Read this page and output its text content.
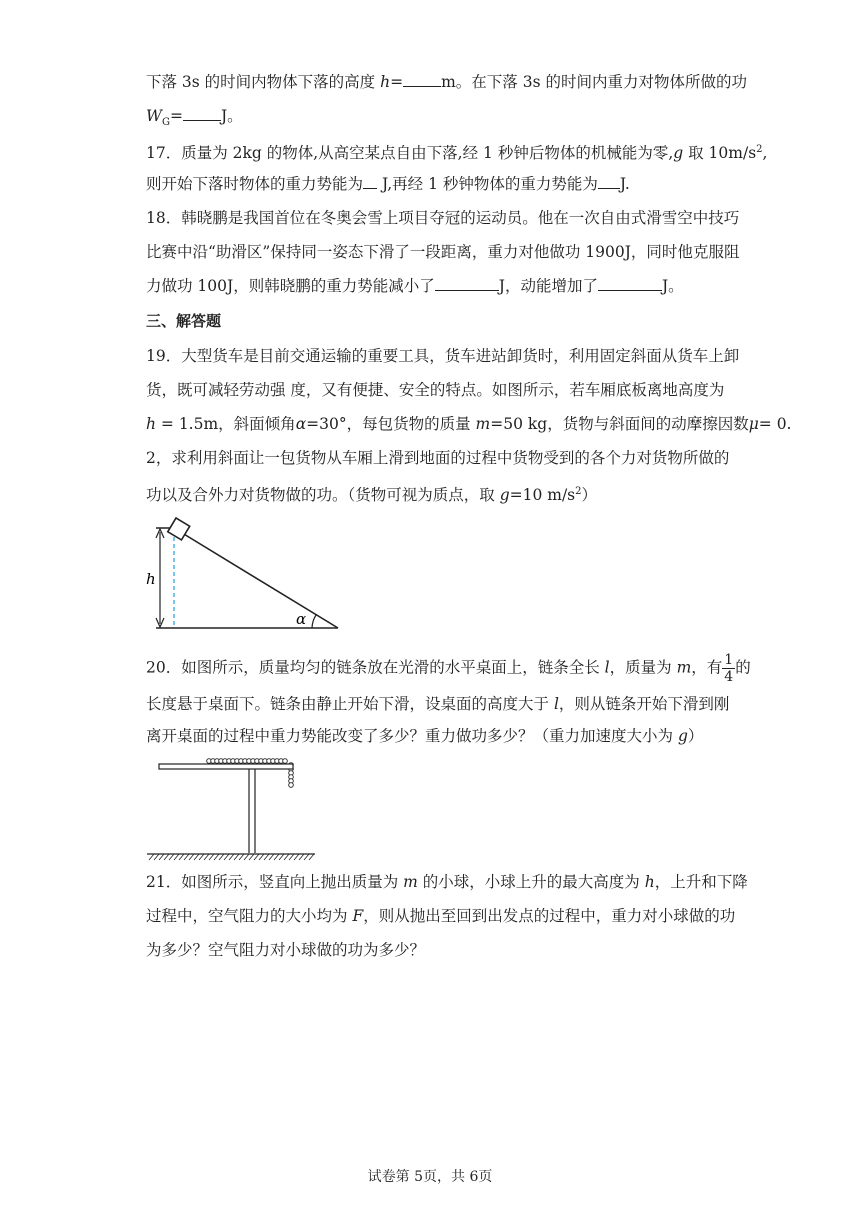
下落 3s 的时间内物体下落的高度 h= m。在下落 3s 的时间内重力对物体所做的功
$W_G= J$。
17．质量为 2kg 的物体,从高空某点自由下落,经 1 秒钟后物体的机械能为零,g 取 $10m/s^2$,
则开始下落时物体的重力势能为 J,再经 1 秒钟物体的重力势能为 J.
18．韩晓鹏是我国首位在冬奥会雪上项目夺冠的运动员。他在一次自由式滑雪空中技巧
比赛中沿“助滑区”保持同一姿态下滑了一段距离，重力对他做功 1900J，同时他克服阻
力做功 100J，则韩晓鹏的重力势能减小了	J，动能增加了	J。
三、解答题
19．大型货车是目前交通运输的重要工具，货车进站卸货时，利用固定斜面从货车上卸
货，既可减轻劳动强 度，又有便捷、安全的特点。如图所示，若车厢底板离地高度为
h = 1.5m，斜面倾角α=30°，每包货物的质量 m=50 kg，货物与斜面间的动摩擦因数μ= 0.
2，求利用斜面让一包货物从车厢上滑到地面的过程中货物受到的各个力对货物所做的
功以及合外力对货物做的功。（货物可视为质点，取 g=10 $m/s^2$）
h
α
20．如图所示，质量均匀的链条放在光滑的水平桌面上，链条全长 l，质量为 m，有 $\frac{1}{4}$ 的
长度悬于桌面下。链条由静止开始下滑，设桌面的高度大于 l，则从链条开始下滑到刚
离开桌面的过程中重力势能改变了多少？重力做功多少？（重力加速度大小为 g）
21．如图所示，竖直向上抛出质量为 m 的小球，小球上升的最大高度为 h，上升和下降
过程中，空气阻力的大小均为 F，则从抛出至回到出发点的过程中，重力对小球做的功
为多少？空气阻力对小球做的功为多少？
试卷第 5页，共 6页
